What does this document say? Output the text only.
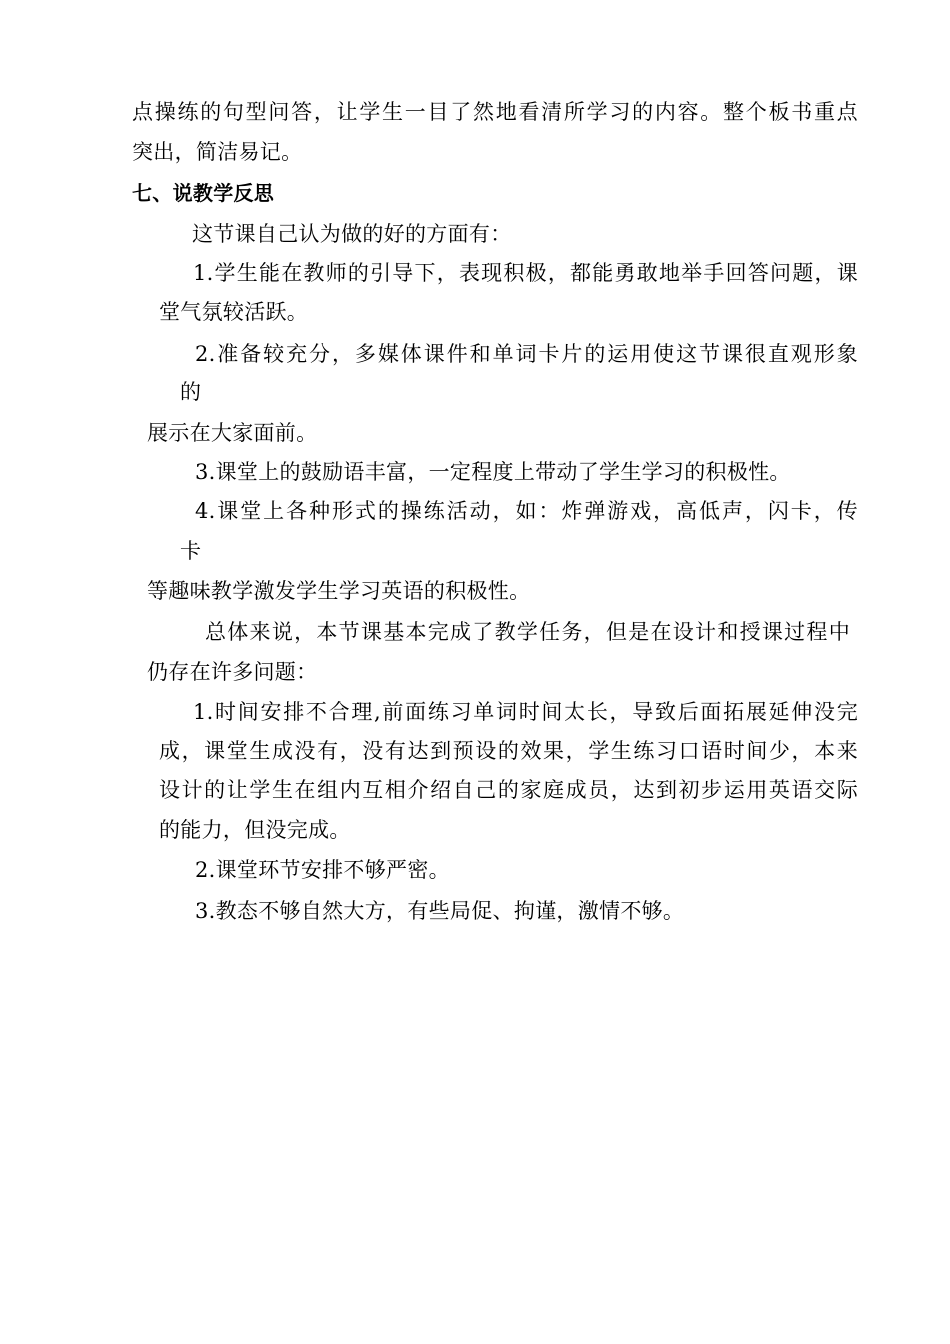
点操练的句型问答，让学生一目了然地看清所学习的内容。整个板书重点
突出，简洁易记。
七、说教学反思
这节课自己认为做的好的方面有：
1.学生能在教师的引导下，表现积极，都能勇敢地举手回答问题，课
堂气氛较活跃。
2.准备较充分，多媒体课件和单词卡片的运用使这节课很直观形象
的
展示在大家面前。
3.课堂上的鼓励语丰富，一定程度上带动了学生学习的积极性。
4.课堂上各种形式的操练活动，如：炸弹游戏，高低声，闪卡，传
卡
等趣味教学激发学生学习英语的积极性。
总体来说，本节课基本完成了教学任务，但是在设计和授课过程中
仍存在许多问题：
1.时间安排不合理,前面练习单词时间太长，导致后面拓展延伸没完
成，课堂生成没有，没有达到预设的效果，学生练习口语时间少，本来
设计的让学生在组内互相介绍自己的家庭成员，达到初步运用英语交际
的能力，但没完成。
2.课堂环节安排不够严密。
3.教态不够自然大方，有些局促、拘谨，激情不够。
